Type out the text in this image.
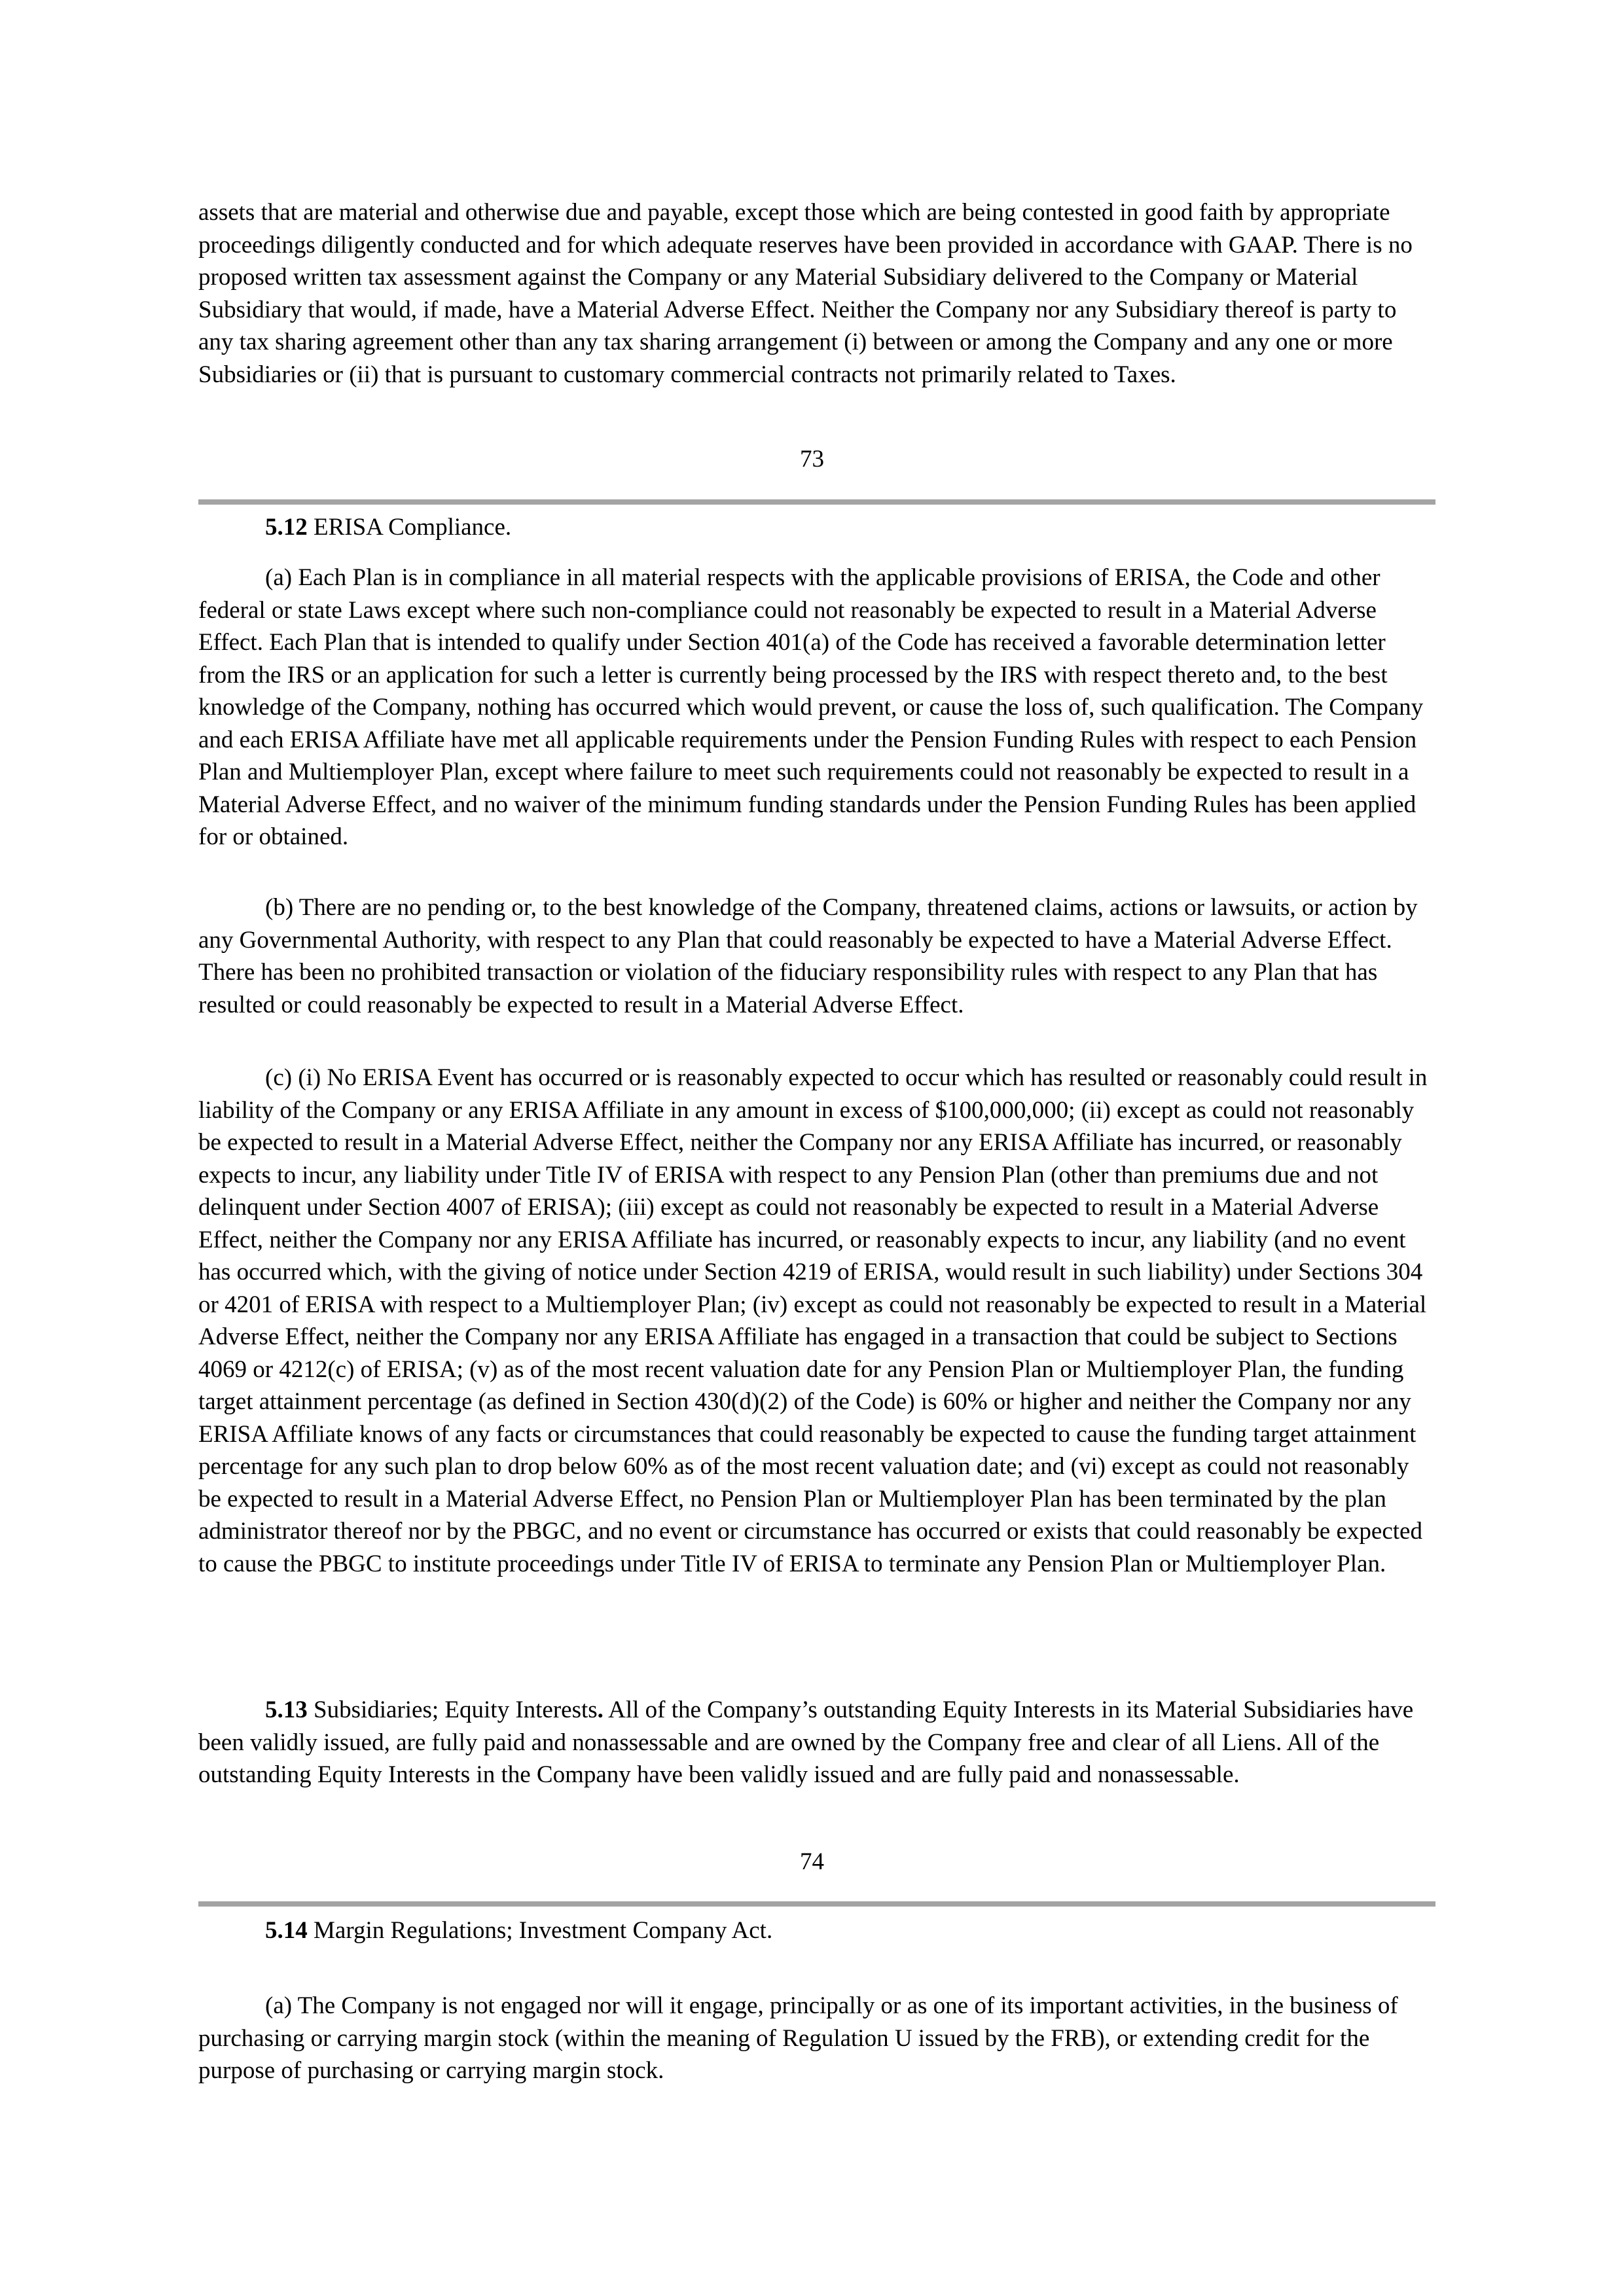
assets that are material and otherwise due and payable, except those which are being contested in good faith by appropriate proceedings diligently conducted and for which adequate reserves have been provided in accordance with GAAP. There is no proposed written tax assessment against the Company or any Material Subsidiary delivered to the Company or Material Subsidiary that would, if made, have a Material Adverse Effect. Neither the Company nor any Subsidiary thereof is party to any tax sharing agreement other than any tax sharing arrangement (i) between or among the Company and any one or more Subsidiaries or (ii) that is pursuant to customary commercial contracts not primarily related to Taxes.

73

5.12 ERISA Compliance.

(a) Each Plan is in compliance in all material respects with the applicable provisions of ERISA, the Code and other federal or state Laws except where such non-compliance could not reasonably be expected to result in a Material Adverse Effect. Each Plan that is intended to qualify under Section 401(a) of the Code has received a favorable determination letter from the IRS or an application for such a letter is currently being processed by the IRS with respect thereto and, to the best knowledge of the Company, nothing has occurred which would prevent, or cause the loss of, such qualification. The Company and each ERISA Affiliate have met all applicable requirements under the Pension Funding Rules with respect to each Pension Plan and Multiemployer Plan, except where failure to meet such requirements could not reasonably be expected to result in a Material Adverse Effect, and no waiver of the minimum funding standards under the Pension Funding Rules has been applied for or obtained.

(b) There are no pending or, to the best knowledge of the Company, threatened claims, actions or lawsuits, or action by any Governmental Authority, with respect to any Plan that could reasonably be expected to have a Material Adverse Effect. There has been no prohibited transaction or violation of the fiduciary responsibility rules with respect to any Plan that has resulted or could reasonably be expected to result in a Material Adverse Effect.

(c) (i) No ERISA Event has occurred or is reasonably expected to occur which has resulted or reasonably could result in liability of the Company or any ERISA Affiliate in any amount in excess of $100,000,000; (ii) except as could not reasonably be expected to result in a Material Adverse Effect, neither the Company nor any ERISA Affiliate has incurred, or reasonably expects to incur, any liability under Title IV of ERISA with respect to any Pension Plan (other than premiums due and not delinquent under Section 4007 of ERISA); (iii) except as could not reasonably be expected to result in a Material Adverse Effect, neither the Company nor any ERISA Affiliate has incurred, or reasonably expects to incur, any liability (and no event has occurred which, with the giving of notice under Section 4219 of ERISA, would result in such liability) under Sections 304 or 4201 of ERISA with respect to a Multiemployer Plan; (iv) except as could not reasonably be expected to result in a Material Adverse Effect, neither the Company nor any ERISA Affiliate has engaged in a transaction that could be subject to Sections 4069 or 4212(c) of ERISA; (v) as of the most recent valuation date for any Pension Plan or Multiemployer Plan, the funding target attainment percentage (as defined in Section 430(d)(2) of the Code) is 60% or higher and neither the Company nor any ERISA Affiliate knows of any facts or circumstances that could reasonably be expected to cause the funding target attainment percentage for any such plan to drop below 60% as of the most recent valuation date; and (vi) except as could not reasonably be expected to result in a Material Adverse Effect, no Pension Plan or Multiemployer Plan has been terminated by the plan administrator thereof nor by the PBGC, and no event or circumstance has occurred or exists that could reasonably be expected to cause the PBGC to institute proceedings under Title IV of ERISA to terminate any Pension Plan or Multiemployer Plan.

5.13 Subsidiaries; Equity Interests. All of the Company’s outstanding Equity Interests in its Material Subsidiaries have been validly issued, are fully paid and nonassessable and are owned by the Company free and clear of all Liens. All of the outstanding Equity Interests in the Company have been validly issued and are fully paid and nonassessable.

74

5.14 Margin Regulations; Investment Company Act.

(a) The Company is not engaged nor will it engage, principally or as one of its important activities, in the business of purchasing or carrying margin stock (within the meaning of Regulation U issued by the FRB), or extending credit for the purpose of purchasing or carrying margin stock.
